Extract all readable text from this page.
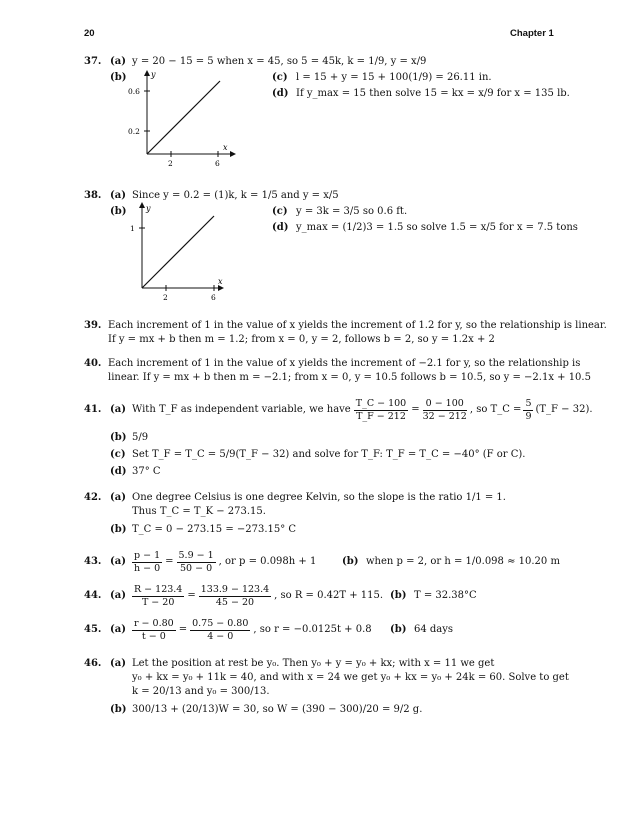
20	Chapter 1
37. (a) y = 20 − 15 = 5 when x = 45, so 5 = 45k, k = 1/9, y = x/9
(b)	y
x
0.6
0.2
2	6
(c) l = 15 + y = 15 + 100(1/9) = 26.11 in.
(d) If y_max = 15 then solve 15 = kx = x/9 for x = 135 lb.
38. (a) Since y = 0.2 = (1)k, k = 1/5 and y = x/5
(b) y
x
1
2	6
(c) y = 3k = 3/5 so 0.6 ft.
(d) y_max = (1/2)3 = 1.5 so solve 1.5 = x/5 for x = 7.5 tons
39. Each increment of 1 in the value of x yields the increment of 1.2 for y, so the relationship is linear.
If y = mx + b then m = 1.2; from x = 0, y = 2, follows b = 2, so y = 1.2x + 2
40. Each increment of 1 in the value of x yields the increment of −2.1 for y, so the relationship is
linear. If y = mx + b then m = −2.1; from x = 0, y = 10.5 follows b = 10.5, so y = −2.1x + 10.5
41. (a) With T_F as independent variable, we have $\frac{T\_C - 100}{T\_F - 212} = \frac{0 - 100}{32 - 212}$ , so T_C = $\frac{5}{9}$ (T_F − 32).
(b) 5/9
(c) Set T_F = T_C = 5/9(T_F − 32) and solve for T_F: T_F = T_C = −40° (F or C).
(d) 37° C
42. (a) One degree Celsius is one degree Kelvin, so the slope is the ratio 1/1 = 1.
Thus T_C = T_K − 273.15.
(b) T_C = 0 − 273.15 = −273.15° C
43. $(a) \frac{p - 1}{h - 0} = \frac{5.9 - 1}{50 - 0}$ , or p = 0.098h + 1	(b) when p = 2, or h = 1/0.098 ≈ 10.20 m
44. $(a) \frac{R - 123.4}{T - 20} = \frac{133.9 - 123.4}{45 - 20}$ , so R = 0.42T + 115. (b) T = 32.38°C
45. $(a) \frac{r - 0.80}{t - 0} = \frac{0.75 - 0.80}{4 - 0}$ , so r = −0.0125t + 0.8 (b) 64 days
46. (a) Let the position at rest be y₀. Then y₀ + y = y₀ + kx; with x = 11 we get
y₀ + kx = y₀ + 11k = 40, and with x = 24 we get y₀ + kx = y₀ + 24k = 60. Solve to get
k = 20/13 and y₀ = 300/13.
(b) 300/13 + (20/13)W = 30, so W = (390 − 300)/20 = 9/2 g.
